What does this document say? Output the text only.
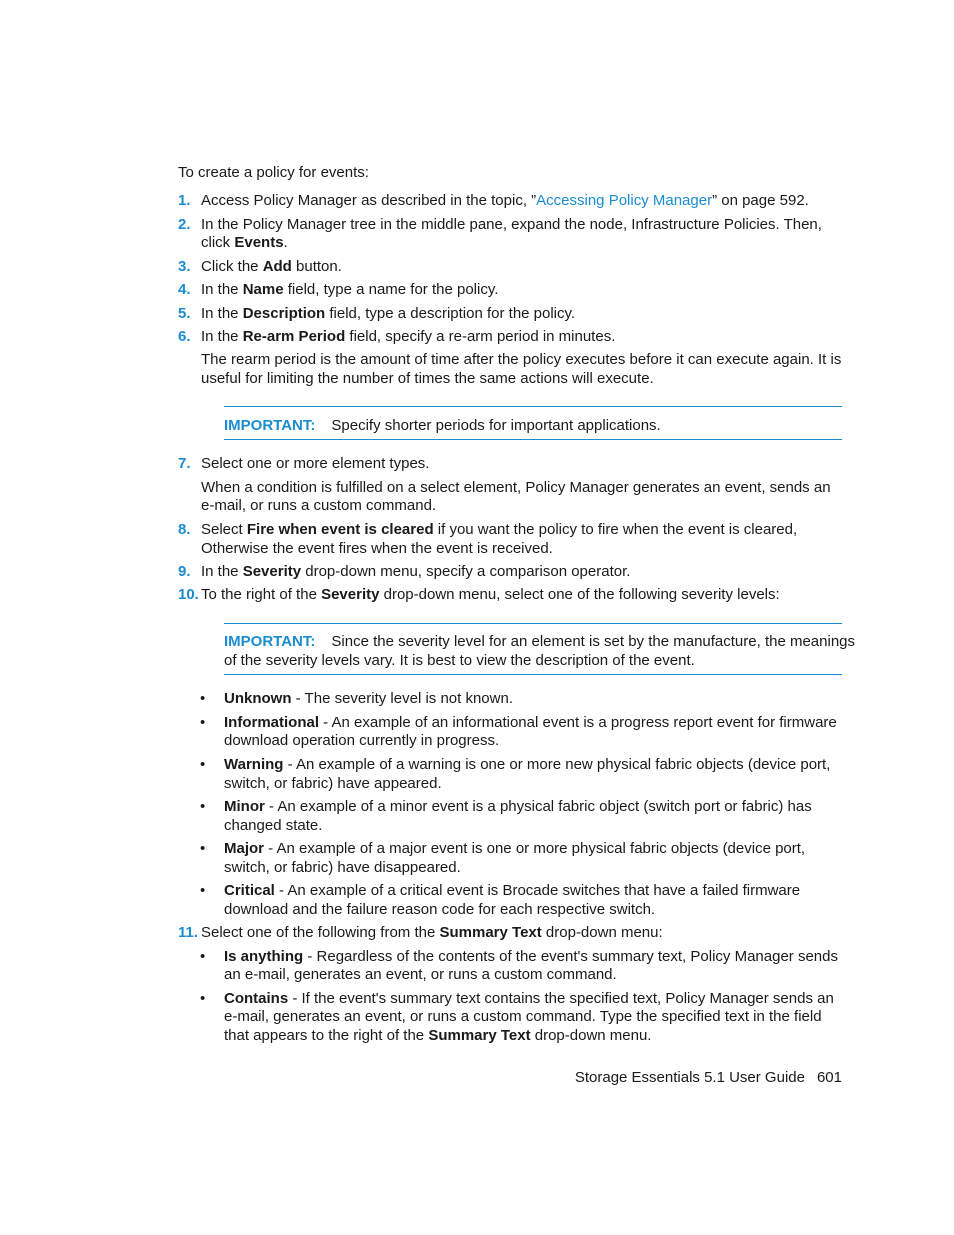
To create a policy for events:
1. Access Policy Manager as described in the topic, ”Accessing Policy Manager” on page 592.
2. In the Policy Manager tree in the middle pane, expand the node, Infrastructure Policies. Then,
click Events.
3. Click the Add button.
4. In the Name field, type a name for the policy.
5. In the Description field, type a description for the policy.
6. In the Re-arm Period field, specify a re-arm period in minutes.
The rearm period is the amount of time after the policy executes before it can execute again. It is
useful for limiting the number of times the same actions will execute.
IMPORTANT: Specify shorter periods for important applications.
7. Select one or more element types.
When a condition is fulfilled on a select element, Policy Manager generates an event, sends an
e-mail, or runs a custom command.
8. Select Fire when event is cleared if you want the policy to fire when the event is cleared,
Otherwise the event fires when the event is received.
9. In the Severity drop-down menu, specify a comparison operator.
10. To the right of the Severity drop-down menu, select one of the following severity levels:
IMPORTANT: Since the severity level for an element is set by the manufacture, the meanings
of the severity levels vary. It is best to view the description of the event.
• Unknown - The severity level is not known.
• Informational - An example of an informational event is a progress report event for firmware
download operation currently in progress.
• Warning - An example of a warning is one or more new physical fabric objects (device port,
switch, or fabric) have appeared.
• Minor - An example of a minor event is a physical fabric object (switch port or fabric) has
changed state.
• Major - An example of a major event is one or more physical fabric objects (device port,
switch, or fabric) have disappeared.
• Critical - An example of a critical event is Brocade switches that have a failed firmware
download and the failure reason code for each respective switch.
11. Select one of the following from the Summary Text drop-down menu:
• Is anything - Regardless of the contents of the event's summary text, Policy Manager sends
an e-mail, generates an event, or runs a custom command.
• Contains - If the event's summary text contains the specified text, Policy Manager sends an
e-mail, generates an event, or runs a custom command. Type the specified text in the field
that appears to the right of the Summary Text drop-down menu.
Storage Essentials 5.1 User Guide 601
